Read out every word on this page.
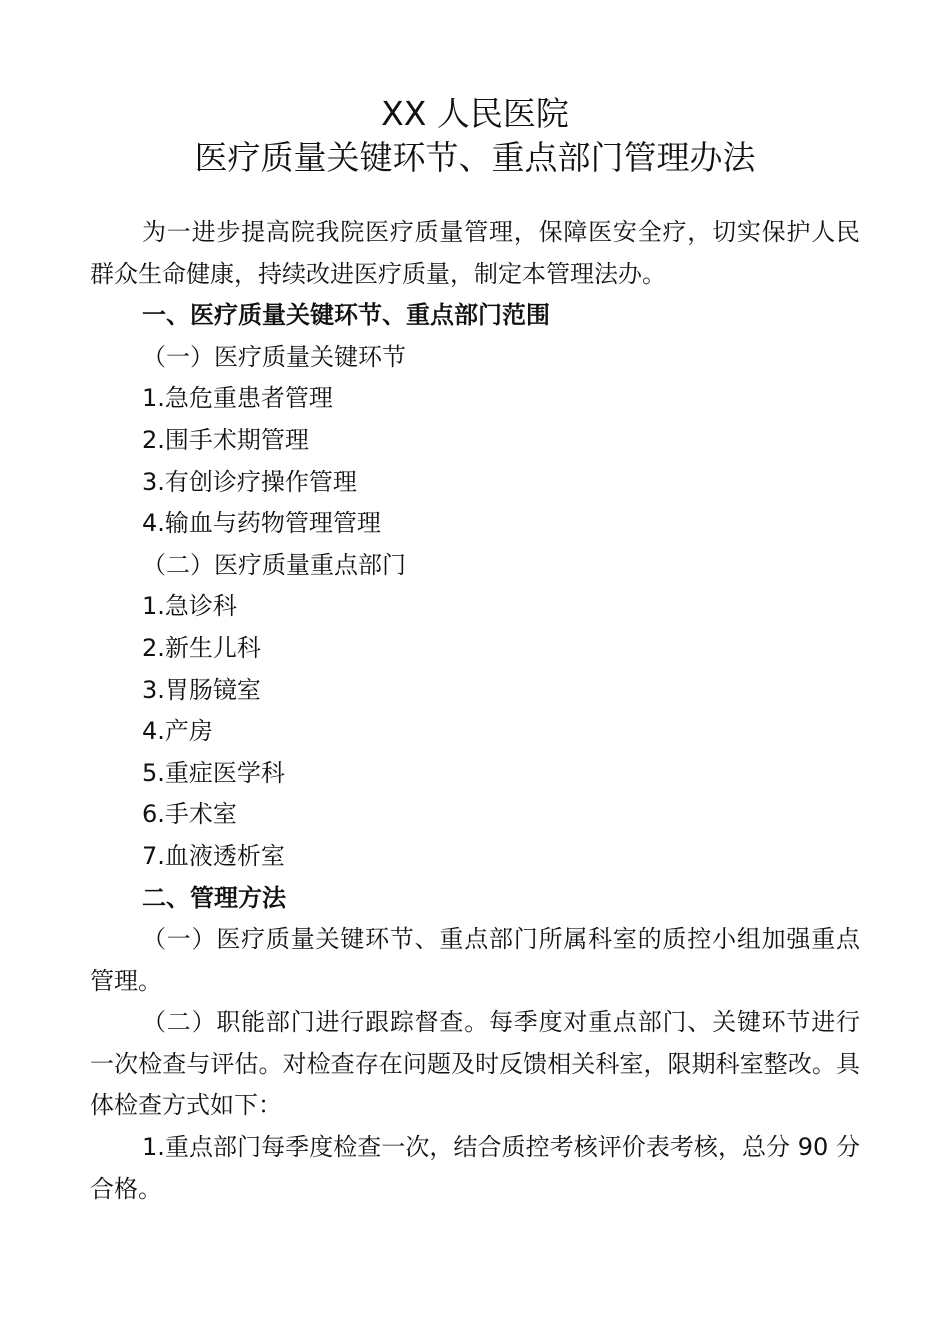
XX 人民医院
医疗质量关键环节、重点部门管理办法

为一进步提高院我院医疗质量管理，保障医安全疗，切实保护人民群众生命健康，持续改进医疗质量，制定本管理法办。

一、医疗质量关键环节、重点部门范围
（一）医疗质量关键环节
1.急危重患者管理
2.围手术期管理
3.有创诊疗操作管理
4.输血与药物管理管理
（二）医疗质量重点部门
1.急诊科
2.新生儿科
3.胃肠镜室
4.产房
5.重症医学科
6.手术室
7.血液透析室
二、管理方法

（一）医疗质量关键环节、重点部门所属科室的质控小组加强重点管理。

（二）职能部门进行跟踪督查。每季度对重点部门、关键环节进行一次检查与评估。对检查存在问题及时反馈相关科室，限期科室整改。具体检查方式如下：

1.重点部门每季度检查一次，结合质控考核评价表考核，总分 90 分合格。
